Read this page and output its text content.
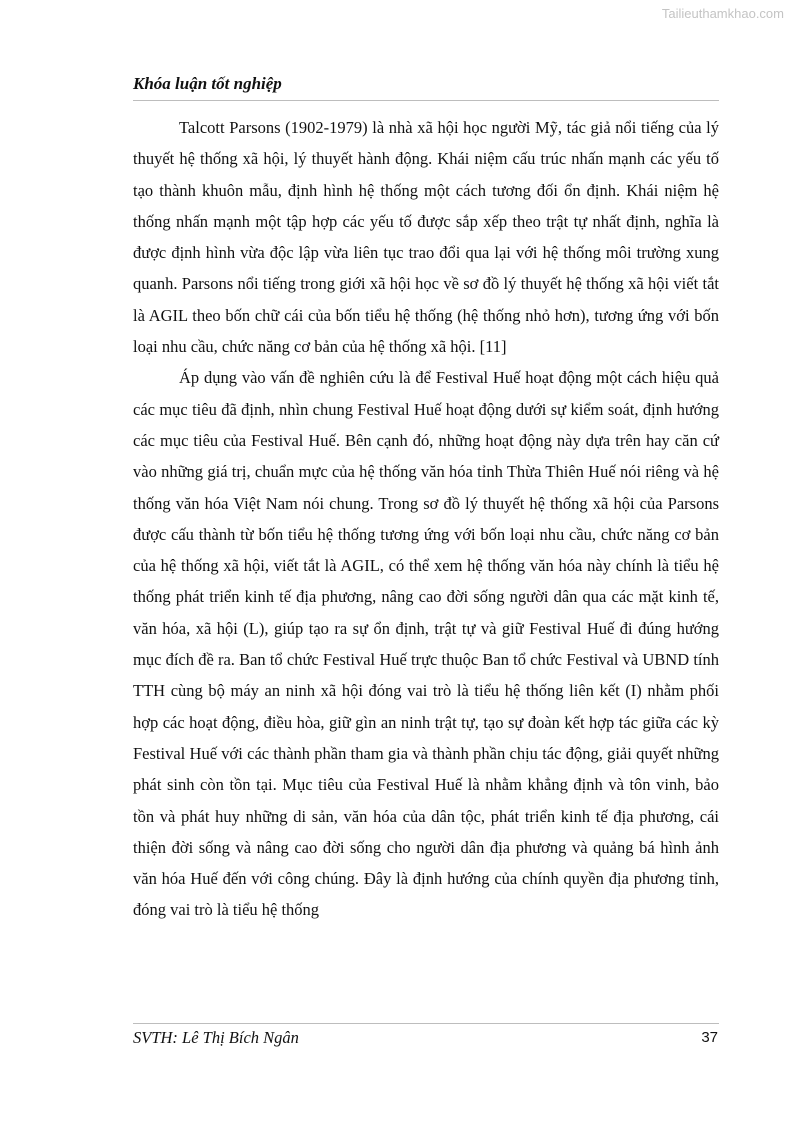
Tailieuthamkhao.com
Khóa luận tốt nghiệp

Talcott Parsons (1902-1979) là nhà xã hội học người Mỹ, tác giả nổi tiếng của lý thuyết hệ thống xã hội, lý thuyết hành động. Khái niệm cấu trúc nhấn mạnh các yếu tố tạo thành khuôn mẫu, định hình hệ thống một cách tương đối ổn định. Khái niệm hệ thống nhấn mạnh một tập hợp các yếu tố được sắp xếp theo trật tự nhất định, nghĩa là được định hình vừa độc lập vừa liên tục trao đổi qua lại với hệ thống môi trường xung quanh. Parsons nổi tiếng trong giới xã hội học về sơ đồ lý thuyết hệ thống xã hội viết tắt là AGIL theo bốn chữ cái của bốn tiểu hệ thống (hệ thống nhỏ hơn), tương ứng với bốn loại nhu cầu, chức năng cơ bản của hệ thống xã hội. [11]

Áp dụng vào vấn đề nghiên cứu là để Festival Huế hoạt động một cách hiệu quả các mục tiêu đã định, nhìn chung Festival Huế hoạt động dưới sự kiểm soát, định hướng các mục tiêu của Festival Huế. Bên cạnh đó, những hoạt động này dựa trên hay căn cứ vào những giá trị, chuẩn mực của hệ thống văn hóa tỉnh Thừa Thiên Huế nói riêng và hệ thống văn hóa Việt Nam nói chung. Trong sơ đồ lý thuyết hệ thống xã hội của Parsons được cấu thành từ bốn tiểu hệ thống tương ứng với bốn loại nhu cầu, chức năng cơ bản của hệ thống xã hội, viết tắt là AGIL, có thể xem hệ thống văn hóa này chính là tiểu hệ thống phát triển kinh tế địa phương, nâng cao đời sống người dân qua các mặt kinh tế, văn hóa, xã hội (L), giúp tạo ra sự ổn định, trật tự và giữ Festival Huế đi đúng hướng mục đích đề ra. Ban tổ chức Festival Huế trực thuộc Ban tổ chức Festival và UBND tính TTH cùng bộ máy an ninh xã hội đóng vai trò là tiểu hệ thống liên kết (I) nhằm phối hợp các hoạt động, điều hòa, giữ gìn an ninh trật tự, tạo sự đoàn kết hợp tác giữa các kỳ Festival Huế với các thành phần tham gia và thành phần chịu tác động, giải quyết những phát sinh còn tồn tại. Mục tiêu của Festival Huế là nhằm khẳng định và tôn vinh, bảo tồn và phát huy những di sản, văn hóa của dân tộc, phát triển kinh tế địa phương, cái thiện đời sống và nâng cao đời sống cho người dân địa phương và quảng bá hình ảnh văn hóa Huế đến với công chúng. Đây là định hướng của chính quyền địa phương tỉnh, đóng vai trò là tiểu hệ thống

SVTH: Lê Thị Bích Ngân	37
